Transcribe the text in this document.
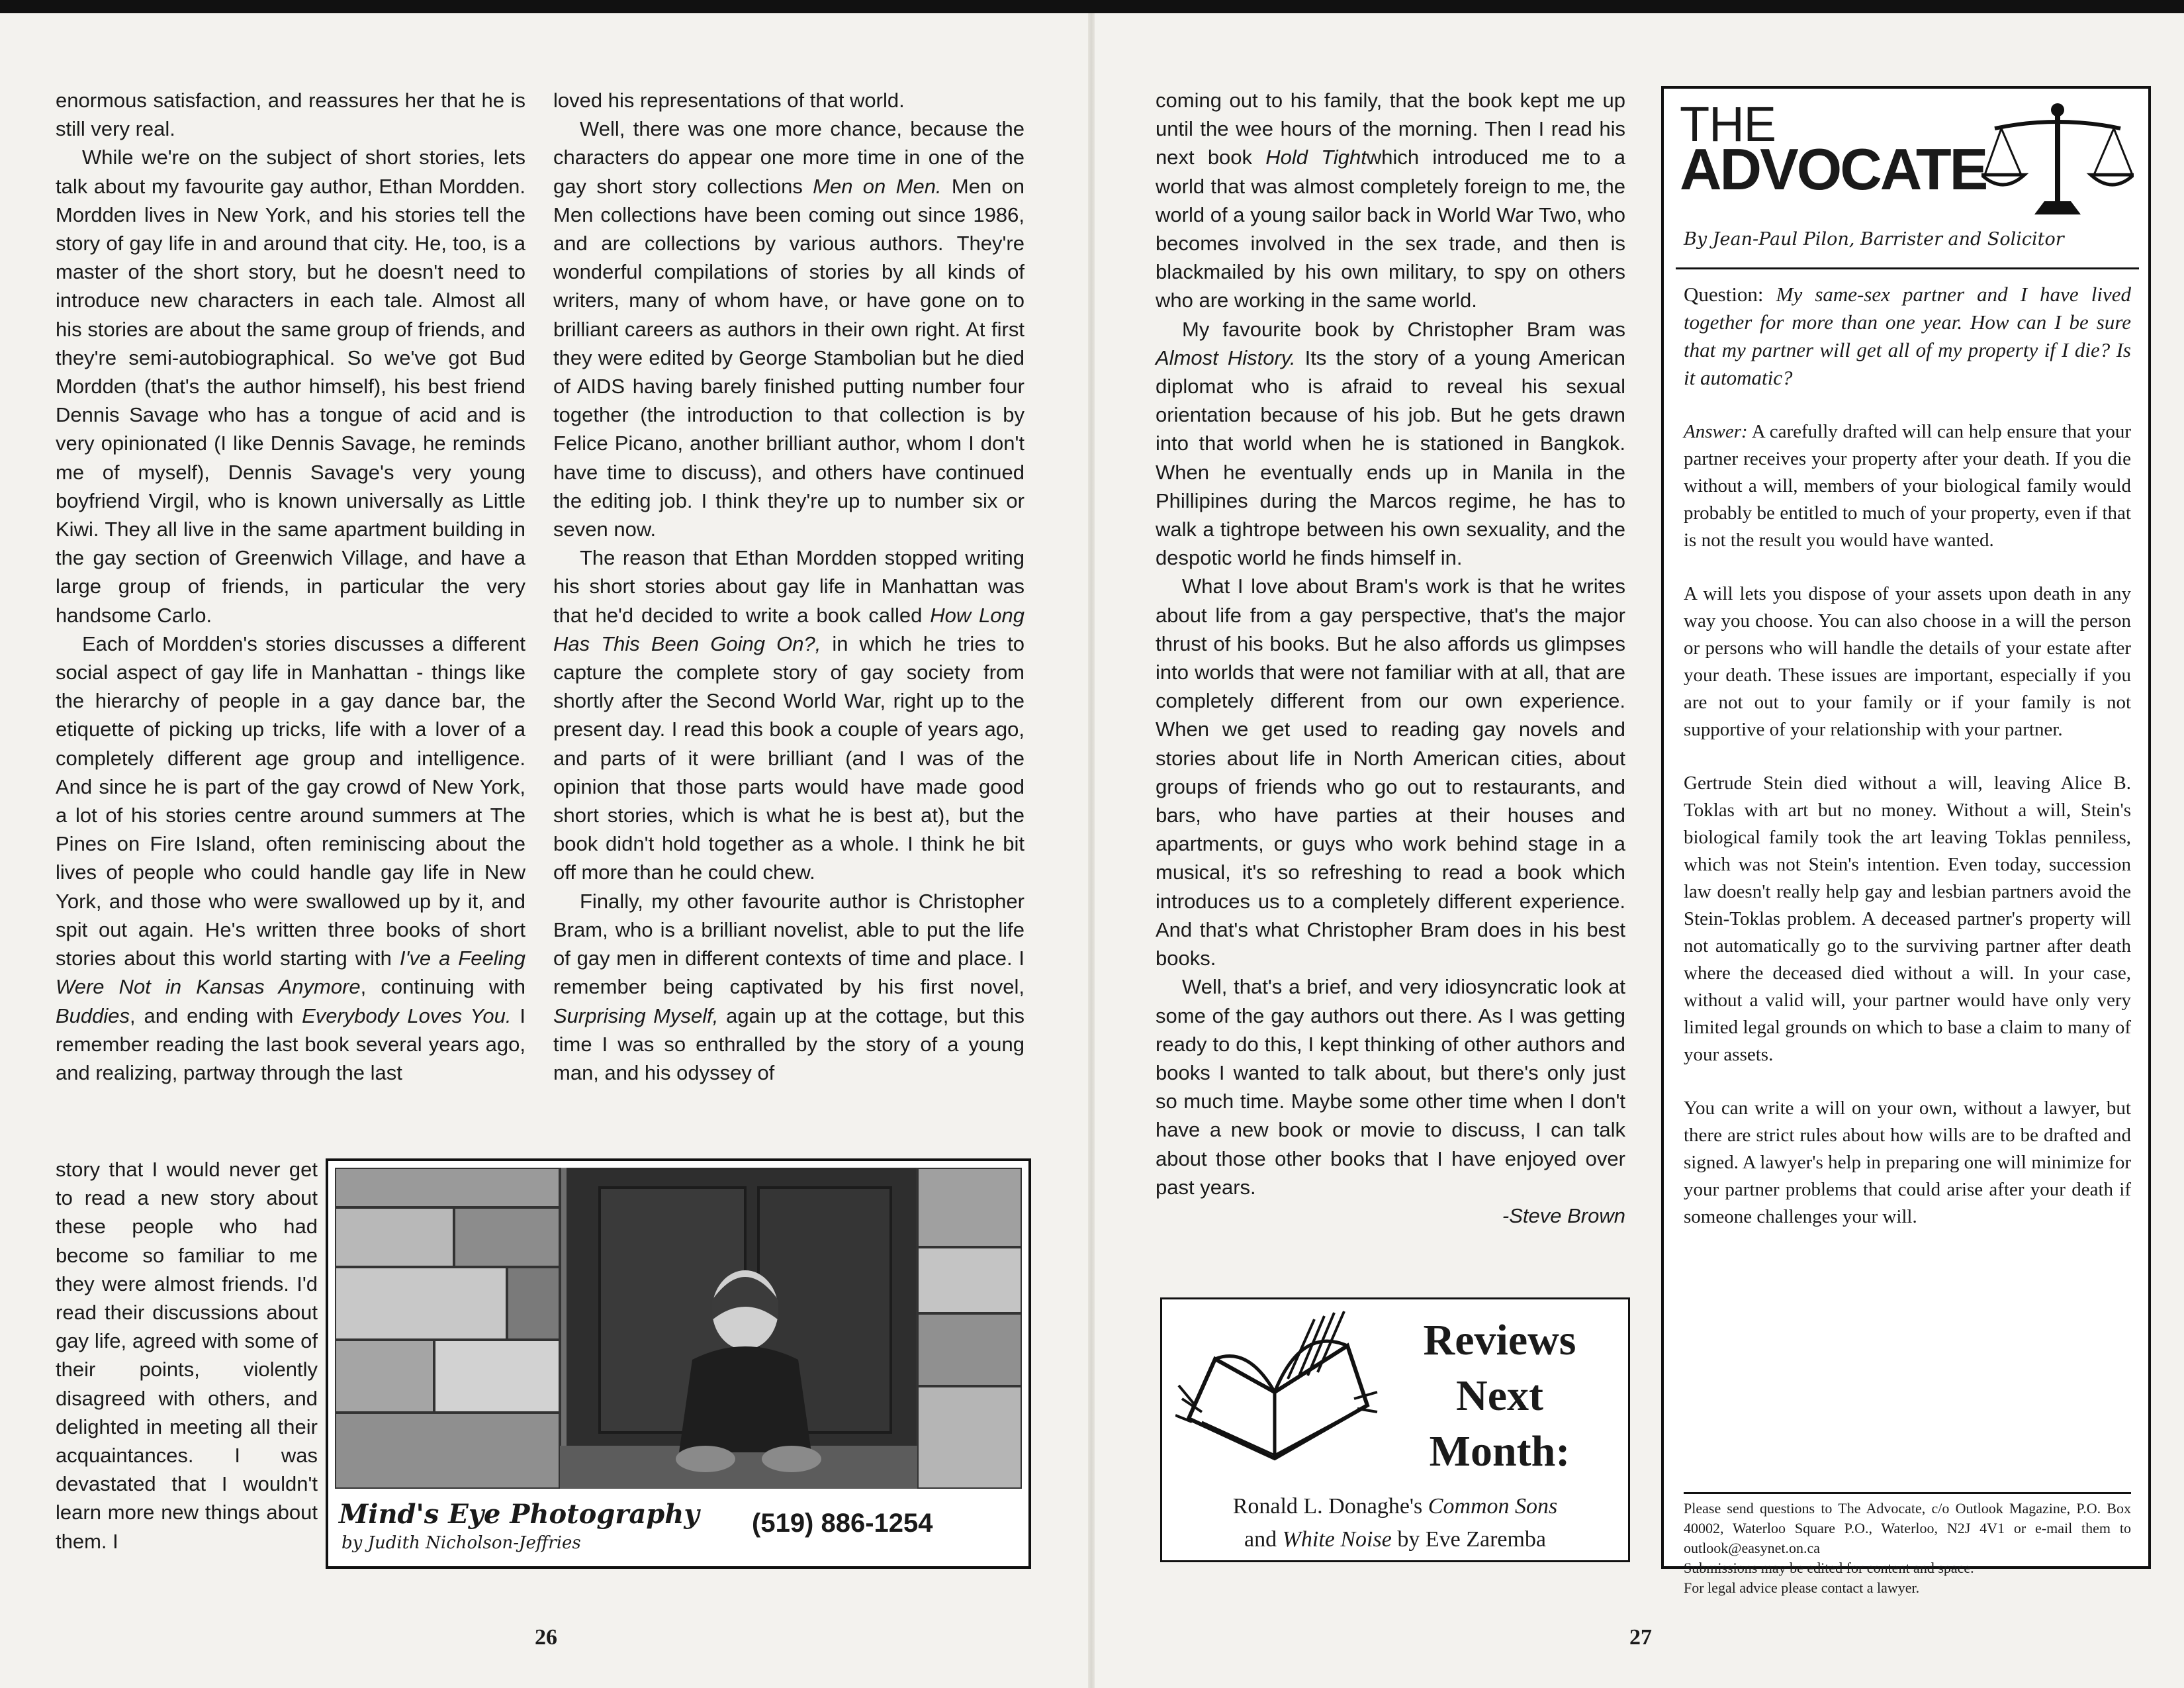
enormous satisfaction, and reassures her that he is still very real.

While we're on the subject of short stories, lets talk about my favourite gay author, Ethan Mordden. Mordden lives in New York, and his stories tell the story of gay life in and around that city. He, too, is a master of the short story, but he doesn't need to introduce new characters in each tale. Almost all his stories are about the same group of friends, and they're semi-autobiographical. So we've got Bud Mordden (that's the author himself), his best friend Dennis Savage who has a tongue of acid and is very opinionated (I like Dennis Savage, he reminds me of myself), Dennis Savage's very young boyfriend Virgil, who is known universally as Little Kiwi. They all live in the same apartment building in the gay section of Greenwich Village, and have a large group of friends, in particular the very handsome Carlo.

Each of Mordden's stories discusses a different social aspect of gay life in Manhattan - things like the hierarchy of people in a gay dance bar, the etiquette of picking up tricks, life with a lover of a completely different age group and intelligence. And since he is part of the gay crowd of New York, a lot of his stories centre around summers at The Pines on Fire Island, often reminiscing about the lives of people who could handle gay life in New York, and those who were swallowed up by it, and spit out again. He's written three books of short stories about this world starting with I've a Feeling Were Not in Kansas Anymore, continuing with Buddies, and ending with Everybody Loves You. I remember reading the last book several years ago, and realizing, partway through the last

story that I would never get to read a new story about these people who had become so familiar to me they were almost friends. I'd read their discussions about gay life, agreed with some of their points, violently disagreed with others, and delighted in meeting all their acquaintances. I was devastated that I wouldn't learn more new things about them. I

loved his representations of that world.

Well, there was one more chance, because the characters do appear one more time in one of the gay short story collections Men on Men. Men on Men collections have been coming out since 1986, and are collections by various authors. They're wonderful compilations of stories by all kinds of writers, many of whom have, or have gone on to brilliant careers as authors in their own right. At first they were edited by George Stambolian but he died of AIDS having barely finished putting number four together (the introduction to that collection is by Felice Picano, another brilliant author, whom I don't have time to discuss), and others have continued the editing job. I think they're up to number six or seven now.

The reason that Ethan Mordden stopped writing his short stories about gay life in Manhattan was that he'd decided to write a book called How Long Has This Been Going On?, in which he tries to capture the complete story of gay society from shortly after the Second World War, right up to the present day. I read this book a couple of years ago, and parts of it were brilliant (and I was of the opinion that those parts would have made good short stories, which is what he is best at), but the book didn't hold together as a whole. I think he bit off more than he could chew.

Finally, my other favourite author is Christopher Bram, who is a brilliant novelist, able to put the life of gay men in different contexts of time and place. I remember being captivated by his first novel, Surprising Myself, again up at the cottage, but this time I was so enthralled by the story of a young man, and his odyssey of

Mind's Eye Photography
by Judith Nicholson-Jeffries
(519) 886-1254
26

coming out to his family, that the book kept me up until the wee hours of the morning. Then I read his next book Hold Tightwhich introduced me to a world that was almost completely foreign to me, the world of a young sailor back in World War Two, who becomes involved in the sex trade, and then is blackmailed by his own military, to spy on others who are working in the same world.

My favourite book by Christopher Bram was Almost History. Its the story of a young American diplomat who is afraid to reveal his sexual orientation because of his job. But he gets drawn into that world when he is stationed in Bangkok. When he eventually ends up in Manila in the Phillipines during the Marcos regime, he has to walk a tightrope between his own sexuality, and the despotic world he finds himself in.

What I love about Bram's work is that he writes about life from a gay perspective, that's the major thrust of his books. But he also affords us glimpses into worlds that were not familiar with at all, that are completely different from our own experience. When we get used to reading gay novels and stories about life in North American cities, about groups of friends who go out to restaurants, and bars, who have parties at their houses and apartments, or guys who work behind stage in a musical, it's so refreshing to read a book which introduces us to a completely different experience. And that's what Christopher Bram does in his best books.

Well, that's a brief, and very idiosyncratic look at some of the gay authors out there. As I was getting ready to do this, I kept thinking of other authors and books I wanted to talk about, but there's only just so much time. Maybe some other time when I don't have a new book or movie to discuss, I can talk about those other books that I have enjoyed over past years.

-Steve Brown

Reviews
Next
Month:
Ronald L. Donaghe's Common Sons
and White Noise by Eve Zaremba
27
THE
ADVOCATE
By Jean-Paul Pilon, Barrister and Solicitor

Question: My same-sex partner and I have lived together for more than one year. How can I be sure that my partner will get all of my property if I die? Is it automatic?

Answer: A carefully drafted will can help ensure that your partner receives your property after your death. If you die without a will, members of your biological family would probably be entitled to much of your property, even if that is not the result you would have wanted.

A will lets you dispose of your assets upon death in any way you choose. You can also choose in a will the person or persons who will handle the details of your estate after your death. These issues are important, especially if you are not out to your family or if your family is not supportive of your relationship with your partner.

Gertrude Stein died without a will, leaving Alice B. Toklas with art but no money. Without a will, Stein's biological family took the art leaving Toklas penniless, which was not Stein's intention. Even today, succession law doesn't really help gay and lesbian partners avoid the Stein-Toklas problem. A deceased partner's property will not automatically go to the surviving partner after death where the deceased died without a will. In your case, without a valid will, your partner would have only very limited legal grounds on which to base a claim to many of your assets.

You can write a will on your own, without a lawyer, but there are strict rules about how wills are to be drafted and signed. A lawyer's help in preparing one will minimize for your partner problems that could arise after your death if someone challenges your will.

Please send questions to The Advocate, c/o Outlook Magazine, P.O. Box 40002, Waterloo Square P.O., Waterloo, N2J 4V1 or e-mail them to outlook@easynet.on.ca

Submissions may be edited for content and space.

For legal advice please contact a lawyer.
